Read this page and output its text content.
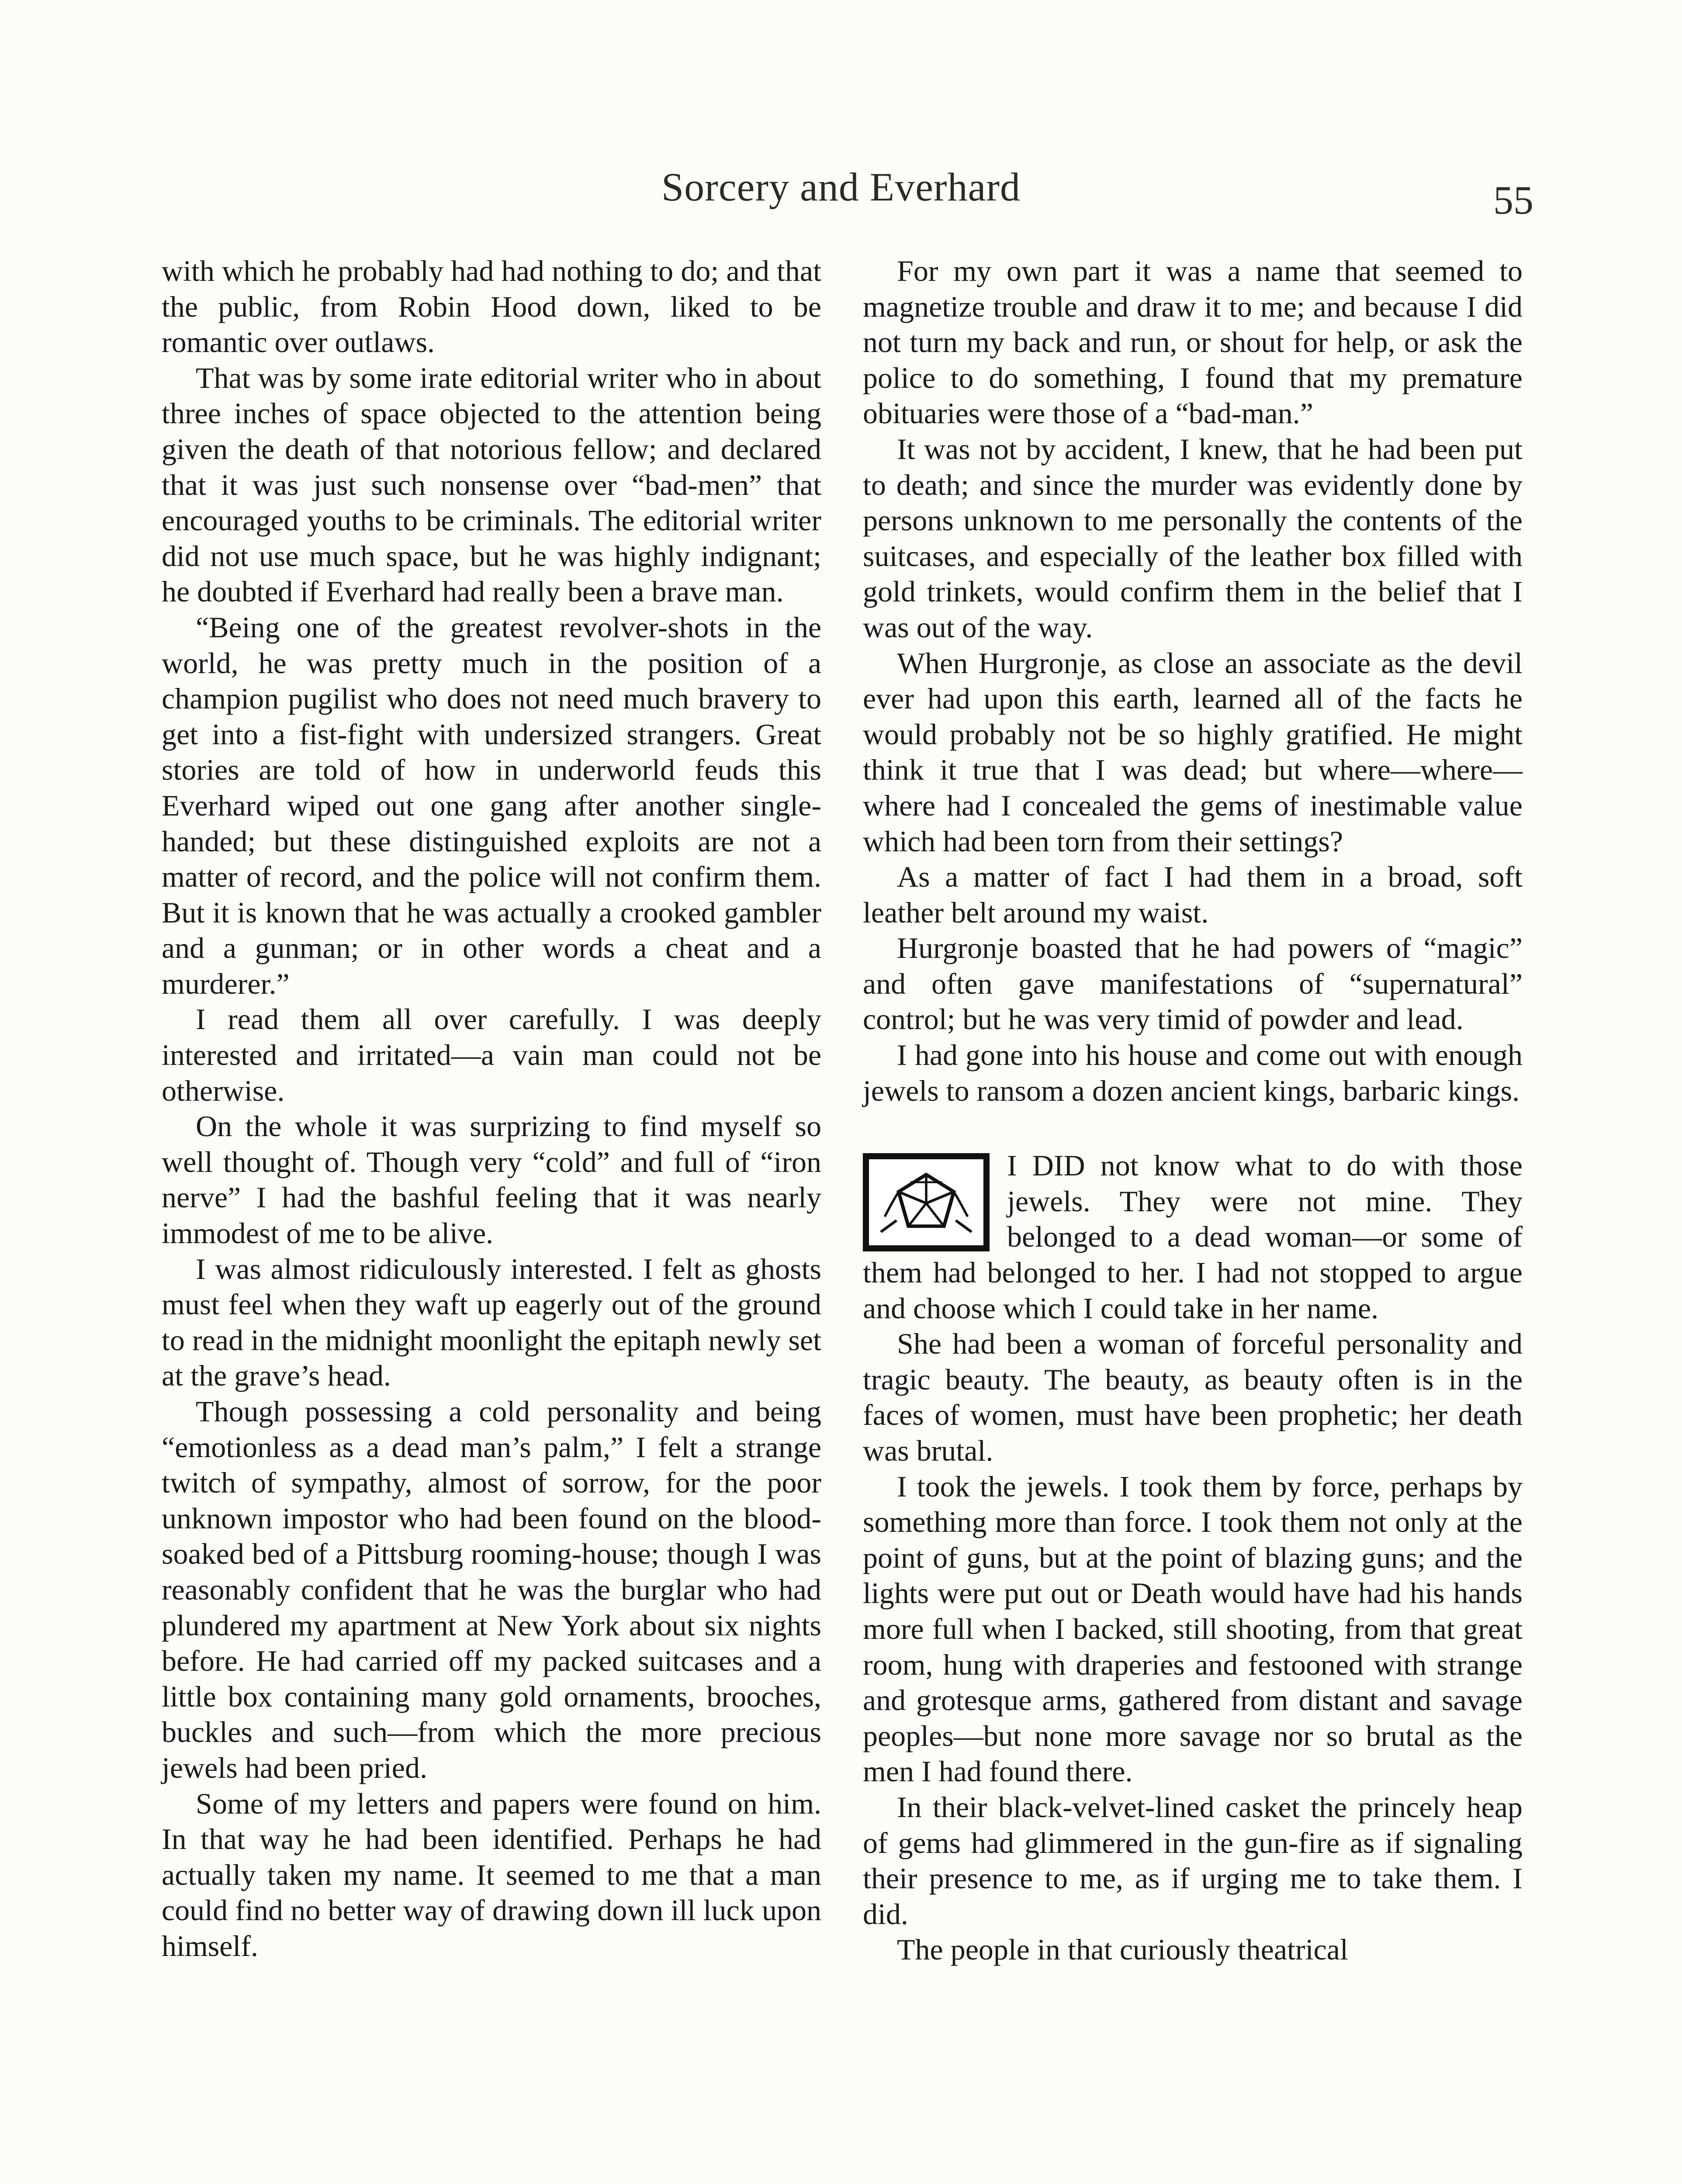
Sorcery and Everhard	55

with which he probably had had nothing to do; and that the public, from Robin Hood down, liked to be romantic over outlaws.

That was by some irate editorial writer who in about three inches of space objected to the attention being given the death of that notorious fellow; and declared that it was just such nonsense over “bad-men” that encouraged youths to be criminals. The editorial writer did not use much space, but he was highly indignant; he doubted if Everhard had really been a brave man.

“Being one of the greatest revolver-shots in the world, he was pretty much in the position of a champion pugilist who does not need much bravery to get into a fist-fight with undersized strangers. Great stories are told of how in underworld feuds this Everhard wiped out one gang after another single-handed; but these distinguished exploits are not a matter of record, and the police will not confirm them. But it is known that he was actually a crooked gambler and a gunman; or in other words a cheat and a murderer.”

I read them all over carefully. I was deeply interested and irritated—a vain man could not be otherwise.

On the whole it was surprizing to find myself so well thought of. Though very “cold” and full of “iron nerve” I had the bashful feeling that it was nearly immodest of me to be alive.

I was almost ridiculously interested. I felt as ghosts must feel when they waft up eagerly out of the ground to read in the midnight moonlight the epitaph newly set at the grave’s head.

Though possessing a cold personality and being “emotionless as a dead man’s palm,” I felt a strange twitch of sympathy, almost of sorrow, for the poor unknown impostor who had been found on the blood-soaked bed of a Pittsburg rooming-house; though I was reasonably confident that he was the burglar who had plundered my apartment at New York about six nights before. He had carried off my packed suitcases and a little box containing many gold ornaments, brooches, buckles and such—from which the more precious jewels had been pried.

Some of my letters and papers were found on him. In that way he had been identified. Perhaps he had actually taken my name. It seemed to me that a man could find no better way of drawing down ill luck upon himself.

For my own part it was a name that seemed to magnetize trouble and draw it to me; and because I did not turn my back and run, or shout for help, or ask the police to do something, I found that my premature obituaries were those of a “bad-man.”

It was not by accident, I knew, that he had been put to death; and since the murder was evidently done by persons unknown to me personally the contents of the suitcases, and especially of the leather box filled with gold trinkets, would confirm them in the belief that I was out of the way.

When Hurgronje, as close an associate as the devil ever had upon this earth, learned all of the facts he would probably not be so highly gratified. He might think it true that I was dead; but where—where—where had I concealed the gems of inestimable value which had been torn from their settings?

As a matter of fact I had them in a broad, soft leather belt around my waist.

Hurgronje boasted that he had powers of “magic” and often gave manifestations of “supernatural” control; but he was very timid of powder and lead.

I had gone into his house and come out with enough jewels to ransom a dozen ancient kings, barbaric kings.

I DID not know what to do with those jewels. They were not mine. They belonged to a dead woman—or some of them had belonged to her. I had not stopped to argue and choose which I could take in her name.

She had been a woman of forceful personality and tragic beauty. The beauty, as beauty often is in the faces of women, must have been prophetic; her death was brutal.

I took the jewels. I took them by force, perhaps by something more than force. I took them not only at the point of guns, but at the point of blazing guns; and the lights were put out or Death would have had his hands more full when I backed, still shooting, from that great room, hung with draperies and festooned with strange and grotesque arms, gathered from distant and savage peoples—but none more savage nor so brutal as the men I had found there.

In their black-velvet-lined casket the princely heap of gems had glimmered in the gun-fire as if signaling their presence to me, as if urging me to take them. I did.

The people in that curiously theatrical
